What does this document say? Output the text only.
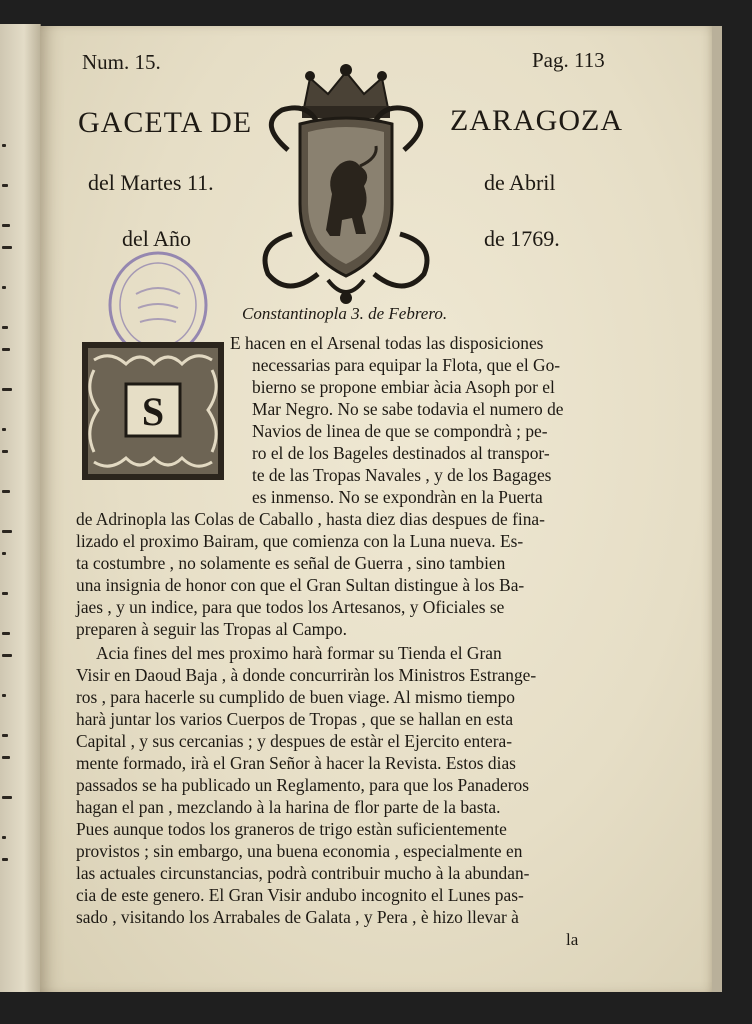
Num. 15.	Pag. 113
GACETA DE	ZARAGOZA
del Martes 11.	de Abril
del Año	de 1769.
Constantinopla 3. de Febrero.
S
E hacen en el Arsenal todas las disposiciones
necessarias para equipar la Flota, que el Go-
bierno se propone embiar àcia Asoph por el
Mar Negro. No se sabe todavia el numero de
Navios de linea de que se compondrà ; pe-
ro el de los Bageles destinados al transpor-
te de las Tropas Navales , y de los Bagages
es inmenso. No se expondràn en la Puerta
de Adrinopla las Colas de Caballo , hasta diez dias despues de fina-
lizado el proximo Bairam, que comienza con la Luna nueva. Es-
ta costumbre , no solamente es señal de Guerra , sino tambien
una insignia de honor con que el Gran Sultan distingue à los Ba-
jaes , y un indice, para que todos los Artesanos, y Oficiales se
preparen à seguir las Tropas al Campo.
Acia fines del mes proximo harà formar su Tienda el Gran
Visir en Daoud Baja , à donde concurriràn los Ministros Estrange-
ros , para hacerle su cumplido de buen viage. Al mismo tiempo
harà juntar los varios Cuerpos de Tropas , que se hallan en esta
Capital , y sus cercanias ; y despues de estàr el Ejercito entera-
mente formado, irà el Gran Señor à hacer la Revista. Estos dias
passados se ha publicado un Reglamento, para que los Panaderos
hagan el pan , mezclando à la harina de flor parte de la basta.
Pues aunque todos los graneros de trigo estàn suficientemente
provistos ; sin embargo, una buena economia , especialmente en
las actuales circunstancias, podrà contribuir mucho à la abundan-
cia de este genero. El Gran Visir andubo incognito el Lunes pas-
sado , visitando los Arrabales de Galata , y Pera , è hizo llevar à
la
